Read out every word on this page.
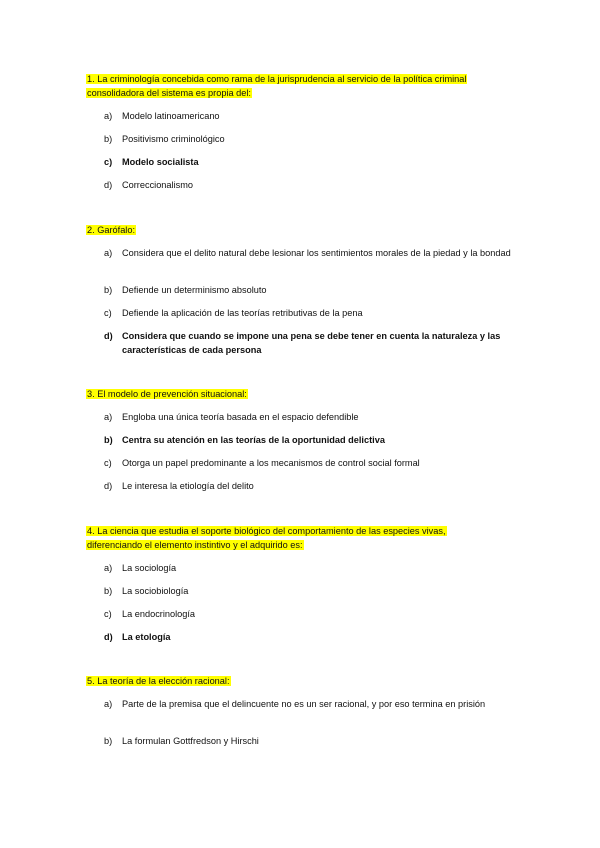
1. La criminología concebida como rama de la jurisprudencia al servicio de la política criminal
consolidadora del sistema es propia del:

a)	Modelo latinoamericano
b)	Positivismo criminológico
c)	Modelo socialista
d)	Correccionalismo

2. Garófalo:

a)	Considera que el delito natural debe lesionar los sentimientos morales de la piedad y la bondad
b)	Defiende un determinismo absoluto
c)	Defiende la aplicación de las teorías retributivas de la pena
d)	Considera que cuando se impone una pena se debe tener en cuenta la naturaleza y las características de cada persona

3. El modelo de prevención situacional:

a)	Engloba una única teoría basada en el espacio defendible
b)	Centra su atención en las teorías de la oportunidad delictiva
c)	Otorga un papel predominante a los mecanismos de control social formal
d)	Le interesa la etiología del delito

4. La ciencia que estudia el soporte biológico del comportamiento de las especies vivas,
diferenciando el elemento instintivo y el adquirido es:

a)	La sociología
b)	La sociobiología
c)	La endocrinología
d)	La etología

5. La teoría de la elección racional:

a)	Parte de la premisa que el delincuente no es un ser racional, y por eso termina en prisión
b)	La formulan Gottfredson y Hirschi
